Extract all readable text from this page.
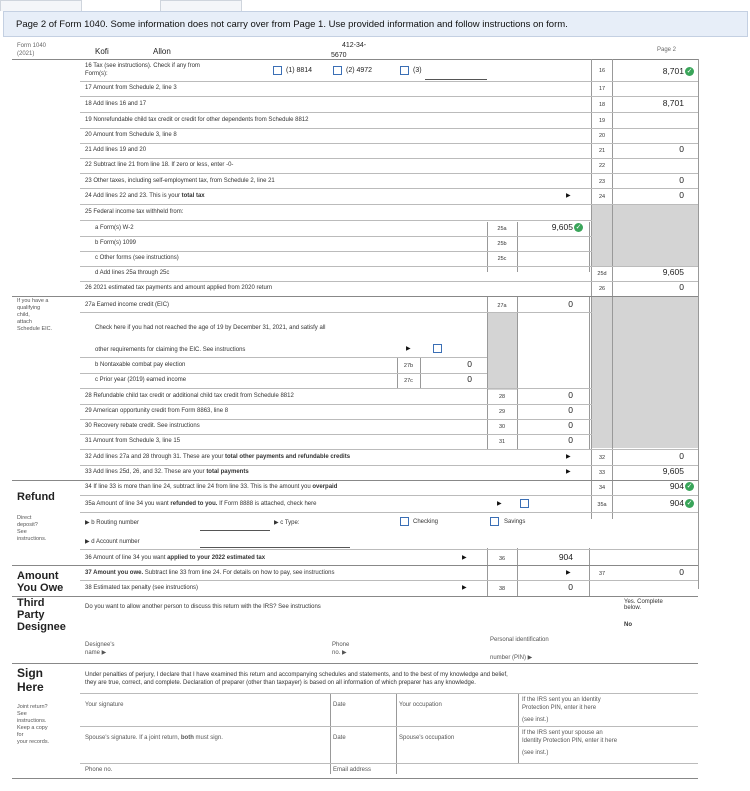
Page 2 of Form 1040. Some information does not carry over from Page 1. Use provided information and follow instructions on form.
Form 1040
(2021)	Kofi	Allon
412-34-
5670
Page 2
16 Tax (see instructions). Check if any from
Form(s):	(1) 8814	(2) 4972	(3)	16	8,701 ✓
17 Amount from Schedule 2, line 3	17
18 Add lines 16 and 17	18	8,701
19 Nonrefundable child tax credit or credit for other dependents from Schedule 8812	19
20 Amount from Schedule 3, line 8	20
21 Add lines 19 and 20	21	0
22 Subtract line 21 from line 18. If zero or less, enter -0-	22
23 Other taxes, including self-employment tax, from Schedule 2, line 21	23	0
24 Add lines 22 and 23. This is your total tax	▶	24	0
25 Federal income tax withheld from:
a Form(s) W-2	25a	9,605 ✓
b Form(s) 1099	25b
c Other forms (see instructions)	25c
d Add lines 25a through 25c	25d	9,605
26 2021 estimated tax payments and amount applied from 2020 return	26	0
If you have a
qualifying
child,
attach
Schedule EIC.
27a Earned income credit (EIC)	27a	0
Check here if you had not reached the age of 19 by December 31, 2021, and satisfy all
other requirements for claiming the EIC. See instructions	▶
b Nontaxable combat pay election	27b	0
c Prior year (2019) earned income	27c	0
28 Refundable child tax credit or additional child tax credit from Schedule 8812	28	0
29 American opportunity credit from Form 8863, line 8	29	0
30 Recovery rebate credit. See instructions	30	0
31 Amount from Schedule 3, line 15	31	0
32 Add lines 27a and 28 through 31. These are your total other payments and refundable credits	▶	32	0
33 Add lines 25d, 26, and 32. These are your total payments	▶	33	9,605
Refund
Direct
deposit?
See
instructions.
34 If line 33 is more than line 24, subtract line 24 from line 33. This is the amount you overpaid	34	904 ✓
35a Amount of line 34 you want refunded to you. If Form 8888 is attached, check here	▶	35a	904 ✓
▶ b Routing number	▶ c Type:	Checking	Savings
▶ d Account number
36 Amount of line 34 you want applied to your 2022 estimated tax	▶	36	904
Amount
You Owe
37 Amount you owe. Subtract line 33 from line 24. For details on how to pay, see instructions	▶	37	0
38 Estimated tax penalty (see instructions)	▶	38	0
Third
Party
Designee
Do you want to allow another person to discuss this return with the IRS? See instructions
Yes. Complete
below.
No
Designee's
name ▶
Phone
no. ▶
Personal identification
number (PIN) ▶
Sign
Here
Under penalties of perjury, I declare that I have examined this return and accompanying schedules and statements, and to the best of my knowledge and belief,
they are true, correct, and complete. Declaration of preparer (other than taxpayer) is based on all information of which preparer has any knowledge.
Joint return?
See
instructions.
Keep a copy
for
your records.
Your signature	Date	Your occupation
If the IRS sent you an Identity
Protection PIN, enter it here
(see inst.)
Spouse's signature. If a joint return, both must sign.	Date	Spouse's occupation
If the IRS sent your spouse an
Identity Protection PIN, enter it here
(see inst.)
Phone no.	Email address
